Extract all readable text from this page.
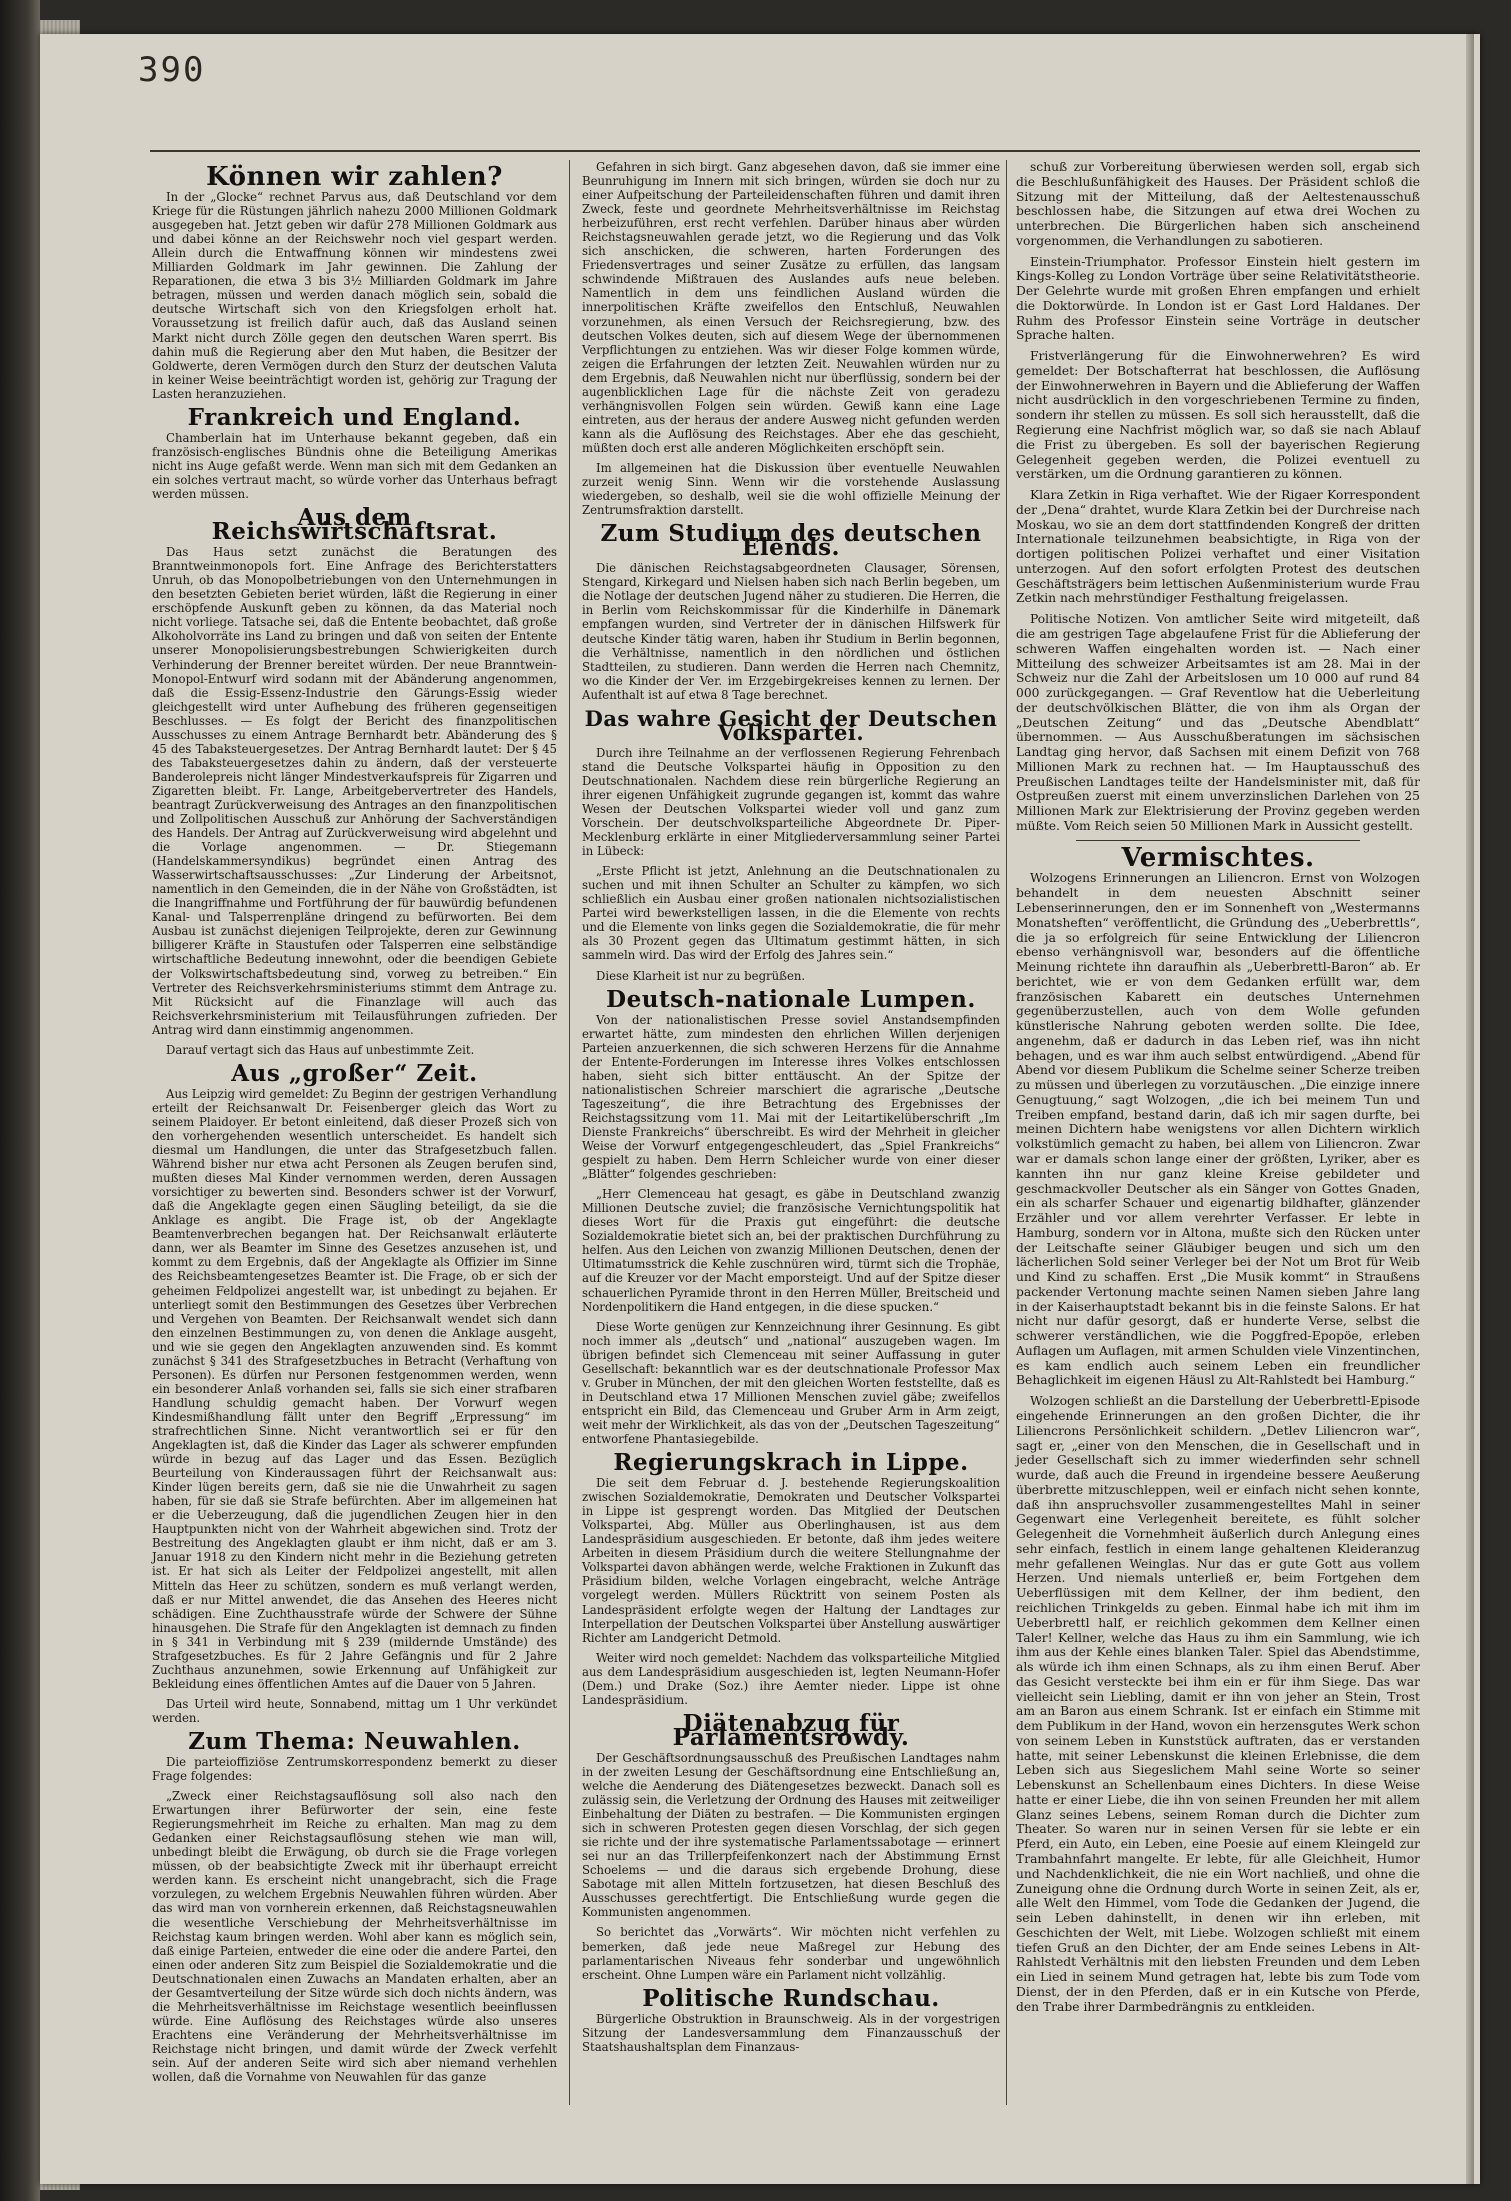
390
Können wir zahlen?

In der „Glocke“ rechnet Parvus aus, daß Deutschland vor dem Kriege für die Rüstungen jährlich nahezu 2000 Millionen Goldmark ausgegeben hat. Jetzt geben wir dafür 278 Millionen Goldmark aus und dabei könne an der Reichswehr noch viel gespart werden. Allein durch die Entwaffnung können wir mindestens zwei Milliarden Goldmark im Jahr gewinnen. Die Zahlung der Reparationen, die etwa 3 bis 3½ Milliarden Goldmark im Jahre betragen, müssen und werden danach möglich sein, sobald die deutsche Wirtschaft sich von den Kriegsfolgen erholt hat. Voraussetzung ist freilich dafür auch, daß das Ausland seinen Markt nicht durch Zölle gegen den deutschen Waren sperrt. Bis dahin muß die Regierung aber den Mut haben, die Besitzer der Goldwerte, deren Vermögen durch den Sturz der deutschen Valuta in keiner Weise beeinträchtigt worden ist, gehörig zur Tragung der Lasten heranzuziehen.

Frankreich und England.

Chamberlain hat im Unterhause bekannt gegeben, daß ein französisch-englisches Bündnis ohne die Beteiligung Amerikas nicht ins Auge gefaßt werde. Wenn man sich mit dem Gedanken an ein solches vertraut macht, so würde vorher das Unterhaus befragt werden müssen.

Aus dem Reichswirtschaftsrat.

Das Haus setzt zunächst die Beratungen des Branntweinmonopols fort. Eine Anfrage des Berichterstatters Unruh, ob das Monopolbetriebungen von den Unternehmungen in den besetzten Gebieten beriet würden, läßt die Regierung in einer erschöpfende Auskunft geben zu können, da das Material noch nicht vorliege. Tatsache sei, daß die Entente beobachtet, daß große Alkoholvorräte ins Land zu bringen und daß von seiten der Entente unserer Monopolisierungsbestrebungen Schwierigkeiten durch Verhinderung der Brenner bereitet würden. Der neue Branntwein-Monopol-Entwurf wird sodann mit der Abänderung angenommen, daß die Essig-Essenz-Industrie den Gärungs-Essig wieder gleichgestellt wird unter Aufhebung des früheren gegenseitigen Beschlusses. — Es folgt der Bericht des finanzpolitischen Ausschusses zu einem Antrage Bernhardt betr. Abänderung des § 45 des Tabaksteuergesetzes. Der Antrag Bernhardt lautet: Der § 45 des Tabaksteuergesetzes dahin zu ändern, daß der versteuerte Banderolepreis nicht länger Mindestverkaufspreis für Zigarren und Zigaretten bleibt. Fr. Lange, Arbeitgebervertreter des Handels, beantragt Zurückverweisung des Antrages an den finanzpolitischen und Zollpolitischen Ausschuß zur Anhörung der Sachverständigen des Handels. Der Antrag auf Zurückverweisung wird abgelehnt und die Vorlage angenommen. — Dr. Stiegemann (Handelskammersyndikus) begründet einen Antrag des Wasserwirtschaftsausschusses: „Zur Linderung der Arbeitsnot, namentlich in den Gemeinden, die in der Nähe von Großstädten, ist die Inangriffnahme und Fortführung der für bauwürdig befundenen Kanal- und Talsperrenpläne dringend zu befürworten. Bei dem Ausbau ist zunächst diejenigen Teilprojekte, deren zur Gewinnung billigerer Kräfte in Staustufen oder Talsperren eine selbständige wirtschaftliche Bedeutung innewohnt, oder die beendigen Gebiete der Volkswirtschaftsbedeutung sind, vorweg zu betreiben.“ Ein Vertreter des Reichsverkehrsministeriums stimmt dem Antrage zu. Mit Rücksicht auf die Finanzlage will auch das Reichsverkehrsministerium mit Teilausführungen zufrieden. Der Antrag wird dann einstimmig angenommen.

Darauf vertagt sich das Haus auf unbestimmte Zeit.

Aus „großer“ Zeit.

Aus Leipzig wird gemeldet: Zu Beginn der gestrigen Verhandlung erteilt der Reichsanwalt Dr. Feisenberger gleich das Wort zu seinem Plaidoyer. Er betont einleitend, daß dieser Prozeß sich von den vorhergehenden wesentlich unterscheidet. Es handelt sich diesmal um Handlungen, die unter das Strafgesetzbuch fallen. Während bisher nur etwa acht Personen als Zeugen berufen sind, mußten dieses Mal Kinder vernommen werden, deren Aussagen vorsichtiger zu bewerten sind. Besonders schwer ist der Vorwurf, daß die Angeklagte gegen einen Säugling beteiligt, da sie die Anklage es angibt. Die Frage ist, ob der Angeklagte Beamtenverbrechen begangen hat. Der Reichsanwalt erläuterte dann, wer als Beamter im Sinne des Gesetzes anzusehen ist, und kommt zu dem Ergebnis, daß der Angeklagte als Offizier im Sinne des Reichsbeamtengesetzes Beamter ist. Die Frage, ob er sich der geheimen Feldpolizei angestellt war, ist unbedingt zu bejahen. Er unterliegt somit den Bestimmungen des Gesetzes über Verbrechen und Vergehen von Beamten. Der Reichsanwalt wendet sich dann den einzelnen Bestimmungen zu, von denen die Anklage ausgeht, und wie sie gegen den Angeklagten anzuwenden sind. Es kommt zunächst § 341 des Strafgesetzbuches in Betracht (Verhaftung von Personen). Es dürfen nur Personen festgenommen werden, wenn ein besonderer Anlaß vorhanden sei, falls sie sich einer strafbaren Handlung schuldig gemacht haben. Der Vorwurf wegen Kindesmißhandlung fällt unter den Begriff „Erpressung“ im strafrechtlichen Sinne. Nicht verantwortlich sei er für den Angeklagten ist, daß die Kinder das Lager als schwerer empfunden würde in bezug auf das Lager und das Essen. Bezüglich Beurteilung von Kinderaussagen führt der Reichsanwalt aus: Kinder lügen bereits gern, daß sie nie die Unwahrheit zu sagen haben, für sie daß sie Strafe befürchten. Aber im allgemeinen hat er die Ueberzeugung, daß die jugendlichen Zeugen hier in den Hauptpunkten nicht von der Wahrheit abgewichen sind. Trotz der Bestreitung des Angeklagten glaubt er ihm nicht, daß er am 3. Januar 1918 zu den Kindern nicht mehr in die Beziehung getreten ist. Er hat sich als Leiter der Feldpolizei angestellt, mit allen Mitteln das Heer zu schützen, sondern es muß verlangt werden, daß er nur Mittel anwendet, die das Ansehen des Heeres nicht schädigen. Eine Zuchthausstrafe würde der Schwere der Sühne hinausgehen. Die Strafe für den Angeklagten ist demnach zu finden in § 341 in Verbindung mit § 239 (mildernde Umstände) des Strafgesetzbuches. Es für 2 Jahre Gefängnis und für 2 Jahre Zuchthaus anzunehmen, sowie Erkennung auf Unfähigkeit zur Bekleidung eines öffentlichen Amtes auf die Dauer von 5 Jahren.

Das Urteil wird heute, Sonnabend, mittag um 1 Uhr verkündet werden.

Zum Thema: Neuwahlen.

Die parteioffiziöse Zentrumskorrespondenz bemerkt zu dieser Frage folgendes:

„Zweck einer Reichstagsauflösung soll also nach den Erwartungen ihrer Befürworter der sein, eine feste Regierungsmehrheit im Reiche zu erhalten. Man mag zu dem Gedanken einer Reichstagsauflösung stehen wie man will, unbedingt bleibt die Erwägung, ob durch sie die Frage vorlegen müssen, ob der beabsichtigte Zweck mit ihr überhaupt erreicht werden kann. Es erscheint nicht unangebracht, sich die Frage vorzulegen, zu welchem Ergebnis Neuwahlen führen würden. Aber das wird man von vornherein erkennen, daß Reichstagsneuwahlen die wesentliche Verschiebung der Mehrheitsverhältnisse im Reichstag kaum bringen werden. Wohl aber kann es möglich sein, daß einige Parteien, entweder die eine oder die andere Partei, den einen oder anderen Sitz zum Beispiel die Sozialdemokratie und die Deutschnationalen einen Zuwachs an Mandaten erhalten, aber an der Gesamtverteilung der Sitze würde sich doch nichts ändern, was die Mehrheitsverhältnisse im Reichstage wesentlich beeinflussen würde. Eine Auflösung des Reichstages würde also unseres Erachtens eine Veränderung der Mehrheitsverhältnisse im Reichstage nicht bringen, und damit würde der Zweck verfehlt sein. Auf der anderen Seite wird sich aber niemand verhehlen wollen, daß die Vornahme von Neuwahlen für das ganze

Gefahren in sich birgt. Ganz abgesehen davon, daß sie immer eine Beunruhigung im Innern mit sich bringen, würden sie doch nur zu einer Aufpeitschung der Parteileidenschaften führen und damit ihren Zweck, feste und geordnete Mehrheitsverhältnisse im Reichstag herbeizuführen, erst recht verfehlen. Darüber hinaus aber würden Reichstagsneuwahlen gerade jetzt, wo die Regierung und das Volk sich anschicken, die schweren, harten Forderungen des Friedensvertrages und seiner Zusätze zu erfüllen, das langsam schwindende Mißtrauen des Auslandes aufs neue beleben. Namentlich in dem uns feindlichen Ausland würden die innerpolitischen Kräfte zweifellos den Entschluß, Neuwahlen vorzunehmen, als einen Versuch der Reichsregierung, bzw. des deutschen Volkes deuten, sich auf diesem Wege der übernommenen Verpflichtungen zu entziehen. Was wir dieser Folge kommen würde, zeigen die Erfahrungen der letzten Zeit. Neuwahlen würden nur zu dem Ergebnis, daß Neuwahlen nicht nur überflüssig, sondern bei der augenblicklichen Lage für die nächste Zeit von geradezu verhängnisvollen Folgen sein würden. Gewiß kann eine Lage eintreten, aus der heraus der andere Ausweg nicht gefunden werden kann als die Auflösung des Reichstages. Aber ehe das geschieht, müßten doch erst alle anderen Möglichkeiten erschöpft sein.

Im allgemeinen hat die Diskussion über eventuelle Neuwahlen zurzeit wenig Sinn. Wenn wir die vorstehende Auslassung wiedergeben, so deshalb, weil sie die wohl offizielle Meinung der Zentrumsfraktion darstellt.

Zum Studium des deutschen Elends.

Die dänischen Reichstagsabgeordneten Clausager, Sörensen, Stengard, Kirkegard und Nielsen haben sich nach Berlin begeben, um die Notlage der deutschen Jugend näher zu studieren. Die Herren, die in Berlin vom Reichskommissar für die Kinderhilfe in Dänemark empfangen wurden, sind Vertreter der in dänischen Hilfswerk für deutsche Kinder tätig waren, haben ihr Studium in Berlin begonnen, die Verhältnisse, namentlich in den nördlichen und östlichen Stadtteilen, zu studieren. Dann werden die Herren nach Chemnitz, wo die Kinder der Ver. im Erzgebirgekreises kennen zu lernen. Der Aufenthalt ist auf etwa 8 Tage berechnet.

Das wahre Gesicht der Deutschen Volkspartei.

Durch ihre Teilnahme an der verflossenen Regierung Fehrenbach stand die Deutsche Volkspartei häufig in Opposition zu den Deutschnationalen. Nachdem diese rein bürgerliche Regierung an ihrer eigenen Unfähigkeit zugrunde gegangen ist, kommt das wahre Wesen der Deutschen Volkspartei wieder voll und ganz zum Vorschein. Der deutschvolksparteiliche Abgeordnete Dr. Piper-Mecklenburg erklärte in einer Mitgliederversammlung seiner Partei in Lübeck:

„Erste Pflicht ist jetzt, Anlehnung an die Deutschnationalen zu suchen und mit ihnen Schulter an Schulter zu kämpfen, wo sich schließlich ein Ausbau einer großen nationalen nichtsozialistischen Partei wird bewerkstelligen lassen, in die die Elemente von rechts und die Elemente von links gegen die Sozialdemokratie, die für mehr als 30 Prozent gegen das Ultimatum gestimmt hätten, in sich sammeln wird. Das wird der Erfolg des Jahres sein.“

Diese Klarheit ist nur zu begrüßen.

Deutsch-nationale Lumpen.

Von der nationalistischen Presse soviel Anstandsempfinden erwartet hätte, zum mindesten den ehrlichen Willen derjenigen Parteien anzuerkennen, die sich schweren Herzens für die Annahme der Entente-Forderungen im Interesse ihres Volkes entschlossen haben, sieht sich bitter enttäuscht. An der Spitze der nationalistischen Schreier marschiert die agrarische „Deutsche Tageszeitung“, die ihre Betrachtung des Ergebnisses der Reichstagssitzung vom 11. Mai mit der Leitartikelüberschrift „Im Dienste Frankreichs“ überschreibt. Es wird der Mehrheit in gleicher Weise der Vorwurf entgegengeschleudert, das „Spiel Frankreichs“ gespielt zu haben. Dem Herrn Schleicher wurde von einer dieser „Blätter“ folgendes geschrieben:

„Herr Clemenceau hat gesagt, es gäbe in Deutschland zwanzig Millionen Deutsche zuviel; die französische Vernichtungspolitik hat dieses Wort für die Praxis gut eingeführt: die deutsche Sozialdemokratie bietet sich an, bei der praktischen Durchführung zu helfen. Aus den Leichen von zwanzig Millionen Deutschen, denen der Ultimatumsstrick die Kehle zuschnüren wird, türmt sich die Trophäe, auf die Kreuzer vor der Macht emporsteigt. Und auf der Spitze dieser schauerlichen Pyramide thront in den Herren Müller, Breitscheid und Nordenpolitikern die Hand entgegen, in die diese spucken.“

Diese Worte genügen zur Kennzeichnung ihrer Gesinnung. Es gibt noch immer als „deutsch“ und „national“ auszugeben wagen. Im übrigen befindet sich Clemenceau mit seiner Auffassung in guter Gesellschaft: bekanntlich war es der deutschnationale Professor Max v. Gruber in München, der mit den gleichen Worten feststellte, daß es in Deutschland etwa 17 Millionen Menschen zuviel gäbe; zweifellos entspricht ein Bild, das Clemenceau und Gruber Arm in Arm zeigt, weit mehr der Wirklichkeit, als das von der „Deutschen Tageszeitung“ entworfene Phantasiegebilde.

Regierungskrach in Lippe.

Die seit dem Februar d. J. bestehende Regierungskoalition zwischen Sozialdemokratie, Demokraten und Deutscher Volkspartei in Lippe ist gesprengt worden. Das Mitglied der Deutschen Volkspartei, Abg. Müller aus Oberlinghausen, ist aus dem Landespräsidium ausgeschieden. Er betonte, daß ihm jedes weitere Arbeiten in diesem Präsidium durch die weitere Stellungnahme der Volkspartei davon abhängen werde, welche Fraktionen in Zukunft das Präsidium bilden, welche Vorlagen eingebracht, welche Anträge vorgelegt werden. Müllers Rücktritt von seinem Posten als Landespräsident erfolgte wegen der Haltung der Landtages zur Interpellation der Deutschen Volkspartei über Anstellung auswärtiger Richter am Landgericht Detmold.

Weiter wird noch gemeldet: Nachdem das volksparteiliche Mitglied aus dem Landespräsidium ausgeschieden ist, legten Neumann-Hofer (Dem.) und Drake (Soz.) ihre Aemter nieder. Lippe ist ohne Landespräsidium.

Diätenabzug für Parlamentsrowdy.

Der Geschäftsordnungsausschuß des Preußischen Landtages nahm in der zweiten Lesung der Geschäftsordnung eine Entschließung an, welche die Aenderung des Diätengesetzes bezweckt. Danach soll es zulässig sein, die Verletzung der Ordnung des Hauses mit zeitweiliger Einbehaltung der Diäten zu bestrafen. — Die Kommunisten ergingen sich in schweren Protesten gegen diesen Vorschlag, der sich gegen sie richte und der ihre systematische Parlamentssabotage — erinnert sei nur an das Trillerpfeifenkonzert nach der Abstimmung Ernst Schoelems — und die daraus sich ergebende Drohung, diese Sabotage mit allen Mitteln fortzusetzen, hat diesen Beschluß des Ausschusses gerechtfertigt. Die Entschließung wurde gegen die Kommunisten angenommen.

So berichtet das „Vorwärts“. Wir möchten nicht verfehlen zu bemerken, daß jede neue Maßregel zur Hebung des parlamentarischen Niveaus fehr sonderbar und ungewöhnlich erscheint. Ohne Lumpen wäre ein Parlament nicht vollzählig.

Politische Rundschau.

Bürgerliche Obstruktion in Braunschweig. Als in der vorgestrigen Sitzung der Landesversammlung dem Finanzausschuß der Staatshaushaltsplan dem Finanzaus-

schuß zur Vorbereitung überwiesen werden soll, ergab sich die Beschlußunfähigkeit des Hauses. Der Präsident schloß die Sitzung mit der Mitteilung, daß der Aeltestenausschuß beschlossen habe, die Sitzungen auf etwa drei Wochen zu unterbrechen. Die Bürgerlichen haben sich anscheinend vorgenommen, die Verhandlungen zu sabotieren.

Einstein-Triumphator. Professor Einstein hielt gestern im Kings-Kolleg zu London Vorträge über seine Relativitätstheorie. Der Gelehrte wurde mit großen Ehren empfangen und erhielt die Doktorwürde. In London ist er Gast Lord Haldanes. Der Ruhm des Professor Einstein seine Vorträge in deutscher Sprache halten.

Fristverlängerung für die Einwohnerwehren? Es wird gemeldet: Der Botschafterrat hat beschlossen, die Auflösung der Einwohnerwehren in Bayern und die Ablieferung der Waffen nicht ausdrücklich in den vorgeschriebenen Termine zu finden, sondern ihr stellen zu müssen. Es soll sich herausstellt, daß die Regierung eine Nachfrist möglich war, so daß sie nach Ablauf die Frist zu übergeben. Es soll der bayerischen Regierung Gelegenheit gegeben werden, die Polizei eventuell zu verstärken, um die Ordnung garantieren zu können.

Klara Zetkin in Riga verhaftet. Wie der Rigaer Korrespondent der „Dena“ drahtet, wurde Klara Zetkin bei der Durchreise nach Moskau, wo sie an dem dort stattfindenden Kongreß der dritten Internationale teilzunehmen beabsichtigte, in Riga von der dortigen politischen Polizei verhaftet und einer Visitation unterzogen. Auf den sofort erfolgten Protest des deutschen Geschäftsträgers beim lettischen Außenministerium wurde Frau Zetkin nach mehrstündiger Festhaltung freigelassen.

Politische Notizen. Von amtlicher Seite wird mitgeteilt, daß die am gestrigen Tage abgelaufene Frist für die Ablieferung der schweren Waffen eingehalten worden ist. — Nach einer Mitteilung des schweizer Arbeitsamtes ist am 28. Mai in der Schweiz nur die Zahl der Arbeitslosen um 10 000 auf rund 84 000 zurückgegangen. — Graf Reventlow hat die Ueberleitung der deutschvölkischen Blätter, die von ihm als Organ der „Deutschen Zeitung“ und das „Deutsche Abendblatt“ übernommen. — Aus Ausschußberatungen im sächsischen Landtag ging hervor, daß Sachsen mit einem Defizit von 768 Millionen Mark zu rechnen hat. — Im Hauptausschuß des Preußischen Landtages teilte der Handelsminister mit, daß für Ostpreußen zuerst mit einem unverzinslichen Darlehen von 25 Millionen Mark zur Elektrisierung der Provinz gegeben werden müßte. Vom Reich seien 50 Millionen Mark in Aussicht gestellt.

Vermischtes.

Wolzogens Erinnerungen an Liliencron. Ernst von Wolzogen behandelt in dem neuesten Abschnitt seiner Lebenserinnerungen, den er im Sonnenheft von „Westermanns Monatsheften“ veröffentlicht, die Gründung des „Ueberbrettls“, die ja so erfolgreich für seine Entwicklung der Liliencron ebenso verhängnisvoll war, besonders auf die öffentliche Meinung richtete ihn daraufhin als „Ueberbrettl-Baron“ ab. Er berichtet, wie er von dem Gedanken erfüllt war, dem französischen Kabarett ein deutsches Unternehmen gegenüberzustellen, auch von dem Wolle gefunden künstlerische Nahrung geboten werden sollte. Die Idee, angenehm, daß er dadurch in das Leben rief, was ihn nicht behagen, und es war ihm auch selbst entwürdigend. „Abend für Abend vor diesem Publikum die Schelme seiner Scherze treiben zu müssen und überlegen zu vorzutäuschen. „Die einzige innere Genugtuung,“ sagt Wolzogen, „die ich bei meinem Tun und Treiben empfand, bestand darin, daß ich mir sagen durfte, bei meinen Dichtern habe wenigstens vor allen Dichtern wirklich volkstümlich gemacht zu haben, bei allem von Liliencron. Zwar war er damals schon lange einer der größten, Lyriker, aber es kannten ihn nur ganz kleine Kreise gebildeter und geschmackvoller Deutscher als ein Sänger von Gottes Gnaden, ein als scharfer Schauer und eigenartig bildhafter, glänzender Erzähler und vor allem verehrter Verfasser. Er lebte in Hamburg, sondern vor in Altona, mußte sich den Rücken unter der Leitschafte seiner Gläubiger beugen und sich um den lächerlichen Sold seiner Verleger bei der Not um Brot für Weib und Kind zu schaffen. Erst „Die Musik kommt“ in Straußens packender Vertonung machte seinen Namen sieben Jahre lang in der Kaiserhauptstadt bekannt bis in die feinste Salons. Er hat nicht nur dafür gesorgt, daß er hunderte Verse, selbst die schwerer verständlichen, wie die Poggfred-Epopöe, erleben Auflagen um Auflagen, mit armen Schulden viele Vinzentinchen, es kam endlich auch seinem Leben ein freundlicher Behaglichkeit im eigenen Häusl zu Alt-Rahlstedt bei Hamburg.“

Wolzogen schließt an die Darstellung der Ueberbrettl-Episode eingehende Erinnerungen an den großen Dichter, die ihr Liliencrons Persönlichkeit schildern. „Detlev Liliencron war“, sagt er, „einer von den Menschen, die in Gesellschaft und in jeder Gesellschaft sich zu immer wiederfinden sehr schnell wurde, daß auch die Freund in irgendeine bessere Aeußerung überbrette mitzuschleppen, weil er einfach nicht sehen konnte, daß ihn anspruchsvoller zusammengestelltes Mahl in seiner Gegenwart eine Verlegenheit bereitete, es fühlt solcher Gelegenheit die Vornehmheit äußerlich durch Anlegung eines sehr einfach, festlich in einem lange gehaltenen Kleideranzug mehr gefallenen Weinglas. Nur das er gute Gott aus vollem Herzen. Und niemals unterließ er, beim Fortgehen dem Ueberflüssigen mit dem Kellner, der ihm bedient, den reichlichen Trinkgelds zu geben. Einmal habe ich mit ihm im Ueberbrettl half, er reichlich gekommen dem Kellner einen Taler! Kellner, welche das Haus zu ihm ein Sammlung, wie ich ihm aus der Kehle eines blanken Taler. Spiel das Abendstimme, als würde ich ihm einen Schnaps, als zu ihm einen Beruf. Aber das Gesicht versteckte bei ihm ein er für ihm Siege. Das war vielleicht sein Liebling, damit er ihn von jeher an Stein, Trost am an Baron aus einem Schrank. Ist er einfach ein Stimme mit dem Publikum in der Hand, wovon ein herzensgutes Werk schon von seinem Leben in Kunststück auftraten, das er verstanden hatte, mit seiner Lebenskunst die kleinen Erlebnisse, die dem Leben sich aus Siegeslichem Mahl seine Worte so seiner Lebenskunst an Schellenbaum eines Dichters. In diese Weise hatte er einer Liebe, die ihn von seinen Freunden her mit allem Glanz seines Lebens, seinem Roman durch die Dichter zum Theater. So waren nur in seinen Versen für sie lebte er ein Pferd, ein Auto, ein Leben, eine Poesie auf einem Kleingeld zur Trambahnfahrt mangelte. Er lebte, für alle Gleichheit, Humor und Nachdenklichkeit, die nie ein Wort nachließ, und ohne die Zuneigung ohne die Ordnung durch Worte in seinen Zeit, als er, alle Welt den Himmel, vom Tode die Gedanken der Jugend, die sein Leben dahinstellt, in denen wir ihn erleben, mit Geschichten der Welt, mit Liebe. Wolzogen schließt mit einem tiefen Gruß an den Dichter, der am Ende seines Lebens in Alt-Rahlstedt Verhältnis mit den liebsten Freunden und dem Leben ein Lied in seinem Mund getragen hat, lebte bis zum Tode vom Dienst, der in den Pferden, daß er in ein Kutsche von Pferde, den Trabe ihrer Darmbedrängnis zu entkleiden.
